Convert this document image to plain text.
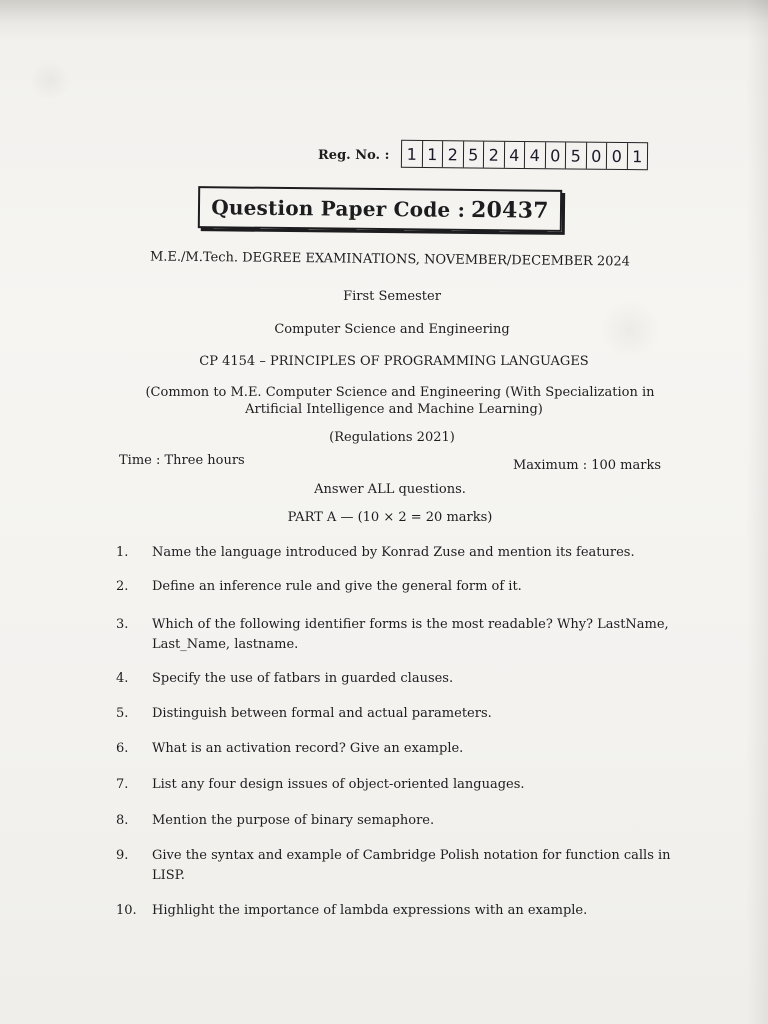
Reg. No. : 1 1 2 5 2 4 4 0 5 0 0 1
Question Paper Code : 20437
M.E./M.Tech. DEGREE EXAMINATIONS, NOVEMBER/DECEMBER 2024
First Semester
Computer Science and Engineering
CP 4154 – PRINCIPLES OF PROGRAMMING LANGUAGES
(Common to M.E. Computer Science and Engineering (With Specialization in
Artificial Intelligence and Machine Learning)
(Regulations 2021)
Time : Three hours	Maximum : 100 marks
Answer ALL questions.
PART A — (10 × 2 = 20 marks)
1.	Name the language introduced by Konrad Zuse and mention its features.
2.	Define an inference rule and give the general form of it.
3.	Which of the following identifier forms is the most readable? Why? LastName, Last_Name, lastname.
4.	Specify the use of fatbars in guarded clauses.
5.	Distinguish between formal and actual parameters.
6.	What is an activation record? Give an example.
7.	List any four design issues of object-oriented languages.
8.	Mention the purpose of binary semaphore.
9.	Give the syntax and example of Cambridge Polish notation for function calls in LISP.
10.	Highlight the importance of lambda expressions with an example.
